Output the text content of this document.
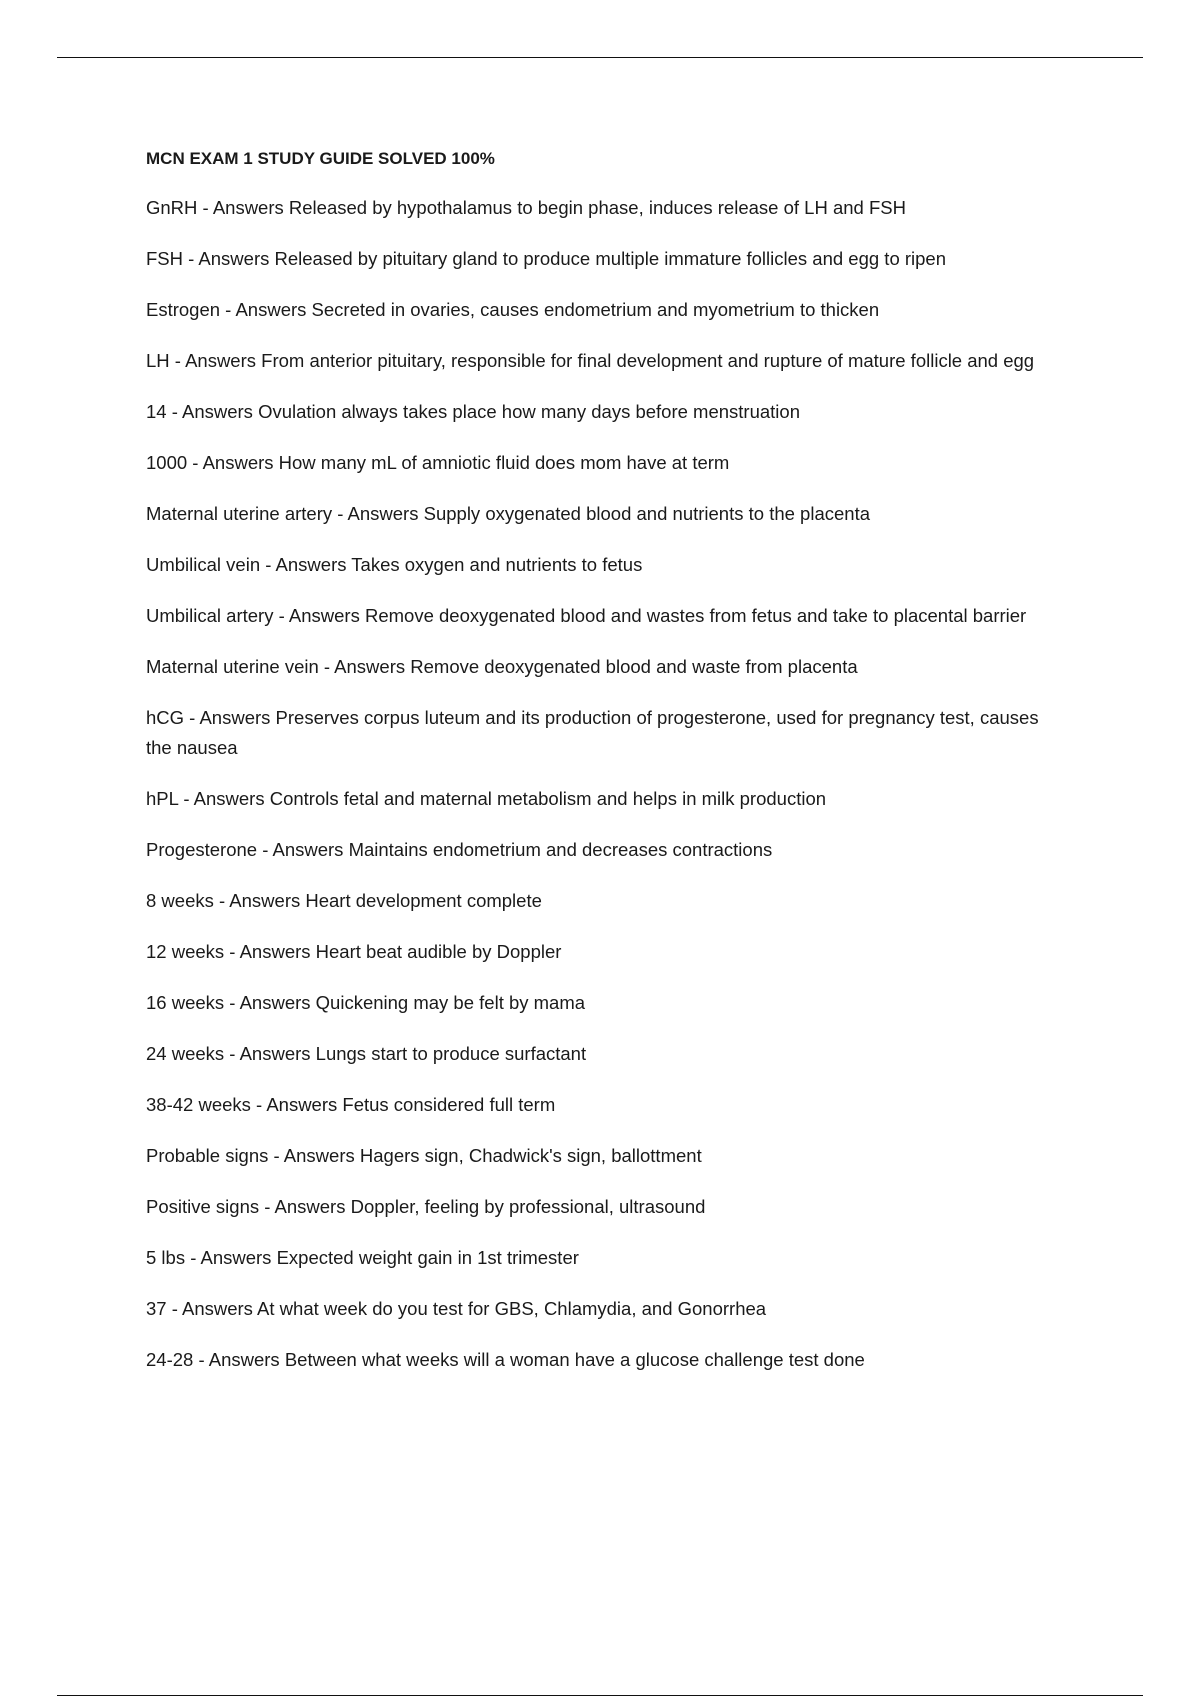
MCN EXAM 1 STUDY GUIDE SOLVED 100%
GnRH - Answers Released by hypothalamus to begin phase, induces release of LH and FSH
FSH - Answers Released by pituitary gland to produce multiple immature follicles and egg to ripen
Estrogen - Answers Secreted in ovaries, causes endometrium and myometrium to thicken
LH - Answers From anterior pituitary, responsible for final development and rupture of mature follicle and egg
14 - Answers Ovulation always takes place how many days before menstruation
1000 - Answers How many mL of amniotic fluid does mom have at term
Maternal uterine artery - Answers Supply oxygenated blood and nutrients to the placenta
Umbilical vein - Answers Takes oxygen and nutrients to fetus
Umbilical artery - Answers Remove deoxygenated blood and wastes from fetus and take to placental barrier
Maternal uterine vein - Answers Remove deoxygenated blood and waste from placenta
hCG - Answers Preserves corpus luteum and its production of progesterone, used for pregnancy test, causes the nausea
hPL - Answers Controls fetal and maternal metabolism and helps in milk production
Progesterone - Answers Maintains endometrium and decreases contractions
8 weeks - Answers Heart development complete
12 weeks - Answers Heart beat audible by Doppler
16 weeks - Answers Quickening may be felt by mama
24 weeks - Answers Lungs start to produce surfactant
38-42 weeks - Answers Fetus considered full term
Probable signs - Answers Hagers sign, Chadwick's sign, ballottment
Positive signs - Answers Doppler, feeling by professional, ultrasound
5 lbs - Answers Expected weight gain in 1st trimester
37 - Answers At what week do you test for GBS, Chlamydia, and Gonorrhea
24-28 - Answers Between what weeks will a woman have a glucose challenge test done
